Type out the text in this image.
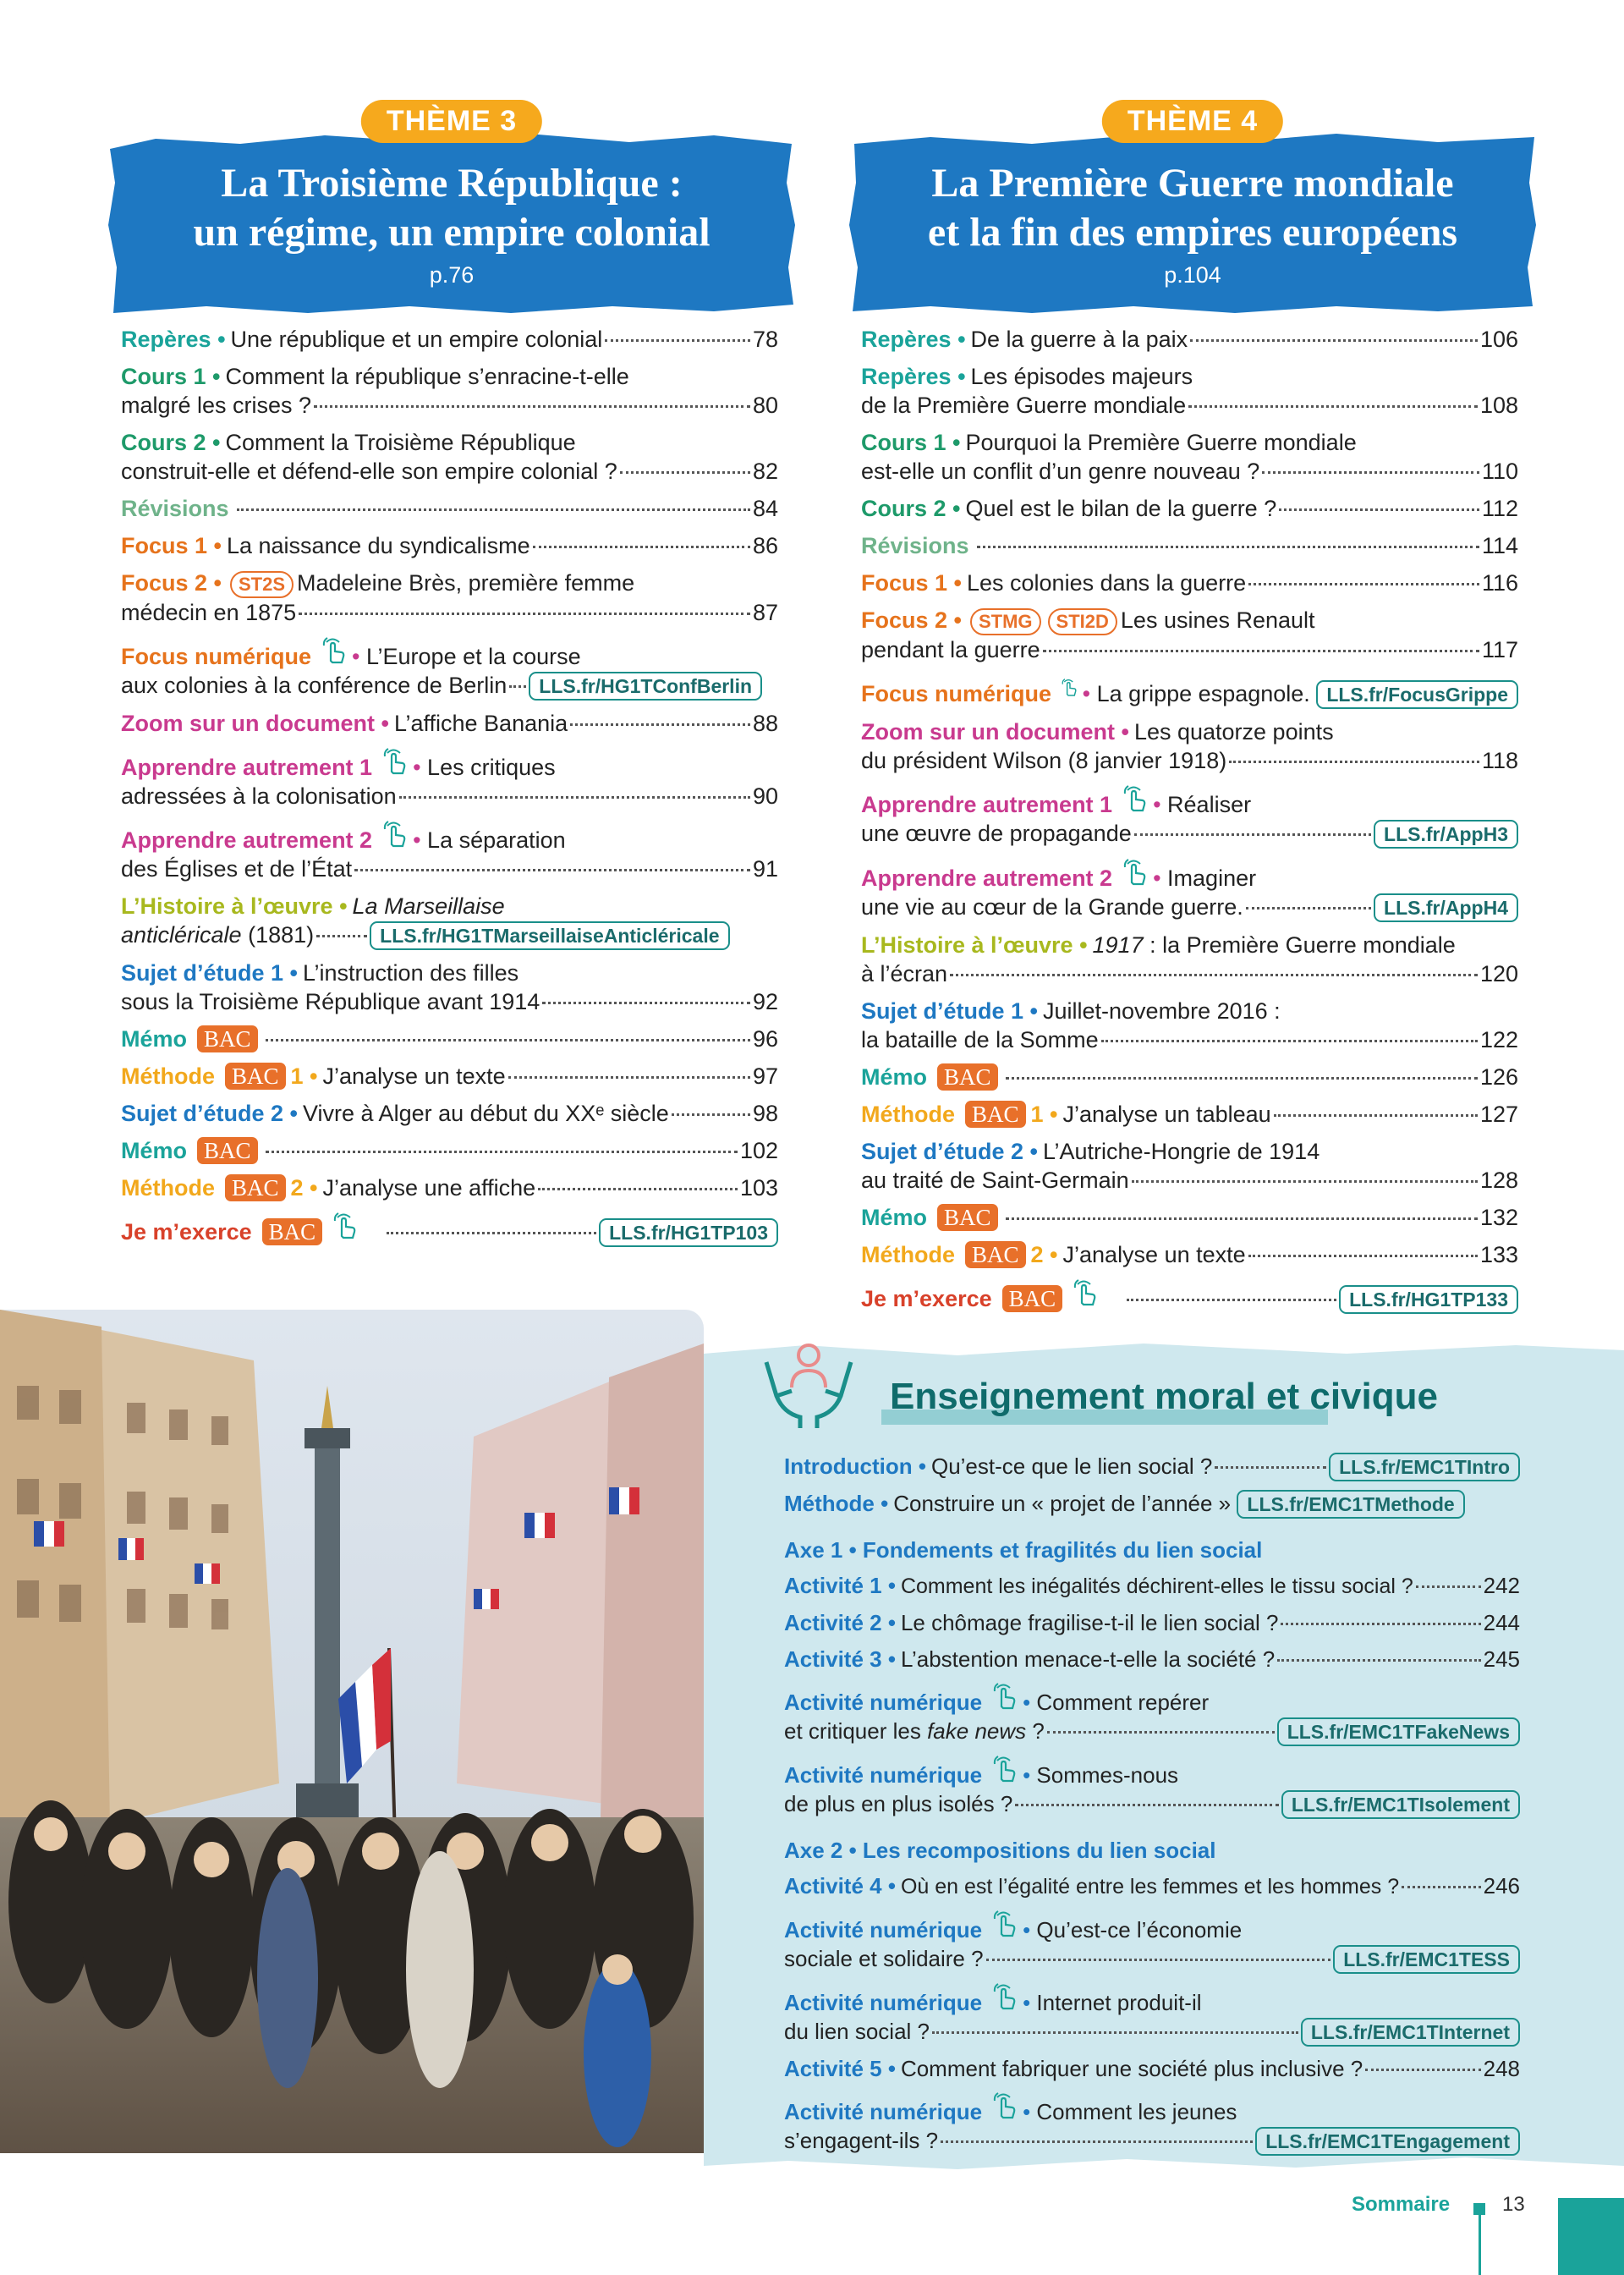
THÈME 3
La Troisième République :
un régime, un empire colonial
p.76
THÈME 4
La Première Guerre mondiale
et la fin des empires européens
p.104
Repères • Une république et un empire colonial	78
Cours 1 • Comment la république s’enracine-t-elle
malgré les crises ?	80
Cours 2 • Comment la Troisième République
construit-elle et défend-elle son empire colonial ?	82
Révisions	84
Focus 1 • La naissance du syndicalisme	86
Focus 2 • ST2S Madeleine Brès, première femme
médecin en 1875	87
Focus numérique •
L’Europe et la course
aux colonies à la conférence de Berlin	LLS.fr/HG1TConfBerlin
Zoom sur un document • L’affiche Banania	88
Apprendre autrement 1 •
Les critiques
adressées à la colonisation	90
Apprendre autrement 2 •
La séparation
des Églises et de l’État	91
L’Histoire à l’œuvre • La Marseillaise
anticléricale
(1881)	LLS.fr/HG1TMarseillaiseAnticléricale
Sujet d’étude 1 • L’instruction des filles
sous la Troisième République avant 1914	92
Mémo BAC	96
Méthode BAC 1 • J’analyse un texte	97
Sujet d’étude 2 • Vivre à Alger au début du XXᵉ siècle	98
Mémo BAC	102
Méthode BAC 2 • J’analyse une affiche	103
Je m’exerce BAC	LLS.fr/HG1TP103
Repères • De la guerre à la paix	106
Repères • Les épisodes majeurs
de la Première Guerre mondiale	108
Cours 1 • Pourquoi la Première Guerre mondiale
est-elle un conflit d’un genre nouveau ?	110
Cours 2 • Quel est le bilan de la guerre ?	112
Révisions	114
Focus 1 • Les colonies dans la guerre	116
Focus 2 • STMG	STI2D Les usines Renault
pendant la guerre	117
Focus numérique •
La grippe espagnole.
LLS.fr/FocusGrippe
Zoom sur un document • Les quatorze points
du président Wilson (8 janvier 1918)	118
Apprendre autrement 1 •
Réaliser
une œuvre de propagande	LLS.fr/AppH3
Apprendre autrement 2 •
Imaginer
une vie au cœur de la Grande guerre.	LLS.fr/AppH4
L’Histoire à l’œuvre • 1917
: la Première Guerre mondiale
à l’écran	120
Sujet d’étude 1 • Juillet-novembre 2016 :
la bataille de la Somme	122
Mémo BAC	126
Méthode BAC 1 • J’analyse un tableau	127
Sujet d’étude 2 • L’Autriche-Hongrie de 1914
au traité de Saint-Germain	128
Mémo BAC	132
Méthode BAC 2 • J’analyse un texte	133
Je m’exerce BAC	LLS.fr/HG1TP133
Enseignement moral et civique
Introduction • Qu’est-ce que le lien social ?	LLS.fr/EMC1TIntro
Méthode • Construire un « projet de l’année »
LLS.fr/EMC1TMethode
Axe 1 • Fondements et fragilités du lien social
Activité 1 • Comment les inégalités déchirent-elles le tissu social ?	242
Activité 2 • Le chômage fragilise-t-il le lien social ?	244
Activité 3 • L’abstention menace-t-elle la société ?	245
Activité numérique •
Comment repérer
et critiquer les
fake news
?	LLS.fr/EMC1TFakeNews
Activité numérique •
Sommes-nous
de plus en plus isolés ?	LLS.fr/EMC1TIsolement
Axe 2 • Les recompositions du lien social
Activité 4 • Où en est l’égalité entre les femmes et les hommes ?	246
Activité numérique •
Qu’est-ce l’économie
sociale et solidaire ?	LLS.fr/EMC1TESS
Activité numérique •
Internet produit-il
du lien social ?	LLS.fr/EMC1TInternet
Activité 5 • Comment fabriquer une société plus inclusive ?	248
Activité numérique •
Comment les jeunes
s’engagent-ils ?	LLS.fr/EMC1TEngagement
Sommaire	13
